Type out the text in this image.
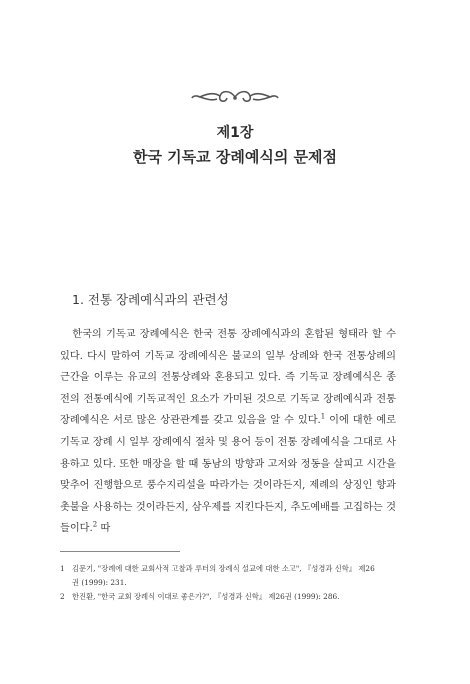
제1장
한국 기독교 장례예식의 문제점
1. 전통 장례예식과의 관련성

한국의 기독교 장례예식은 한국 전통 장례예식과의 혼합된 형태라 할 수 있다. 다시 말하여 기독교 장례예식은 불교의 일부 상례와 한국 전통상례의 근간을 이루는 유교의 전통상례와 혼용되고 있다. 즉 기독교 장례예식은 종전의 전통예식에 기독교적인 요소가 가미된 것으로 기독교 장례예식과 전통 장례예식은 서로 많은 상관관계를 갖고 있음을 알 수 있다.$^1$ 이에 대한 예로 기독교 장례 시 일부 장례예식 절차 및 용어 등이 전통 장례예식을 그대로 사용하고 있다. 또한 매장을 할 때 동남의 방향과 고저와 정동을 살피고 시간을 맞추어 진행함으로 풍수지리설을 따라가는 것이라든지, 제례의 상징인 향과 촛불을 사용하는 것이라든지, 삼우제를 지킨다든지, 추도예배를 고집하는 것들이다.$^2$ 따

1	김문기, "장례에 대한 교회사적 고찰과 루터의 장례식 설교에 대한 소고", 『성경과 신학』 제26
권 (1999): 231.
2	한진환, "한국 교회 장례식 이대로 좋은가?", 『성경과 신학』 제26권 (1999): 286.
